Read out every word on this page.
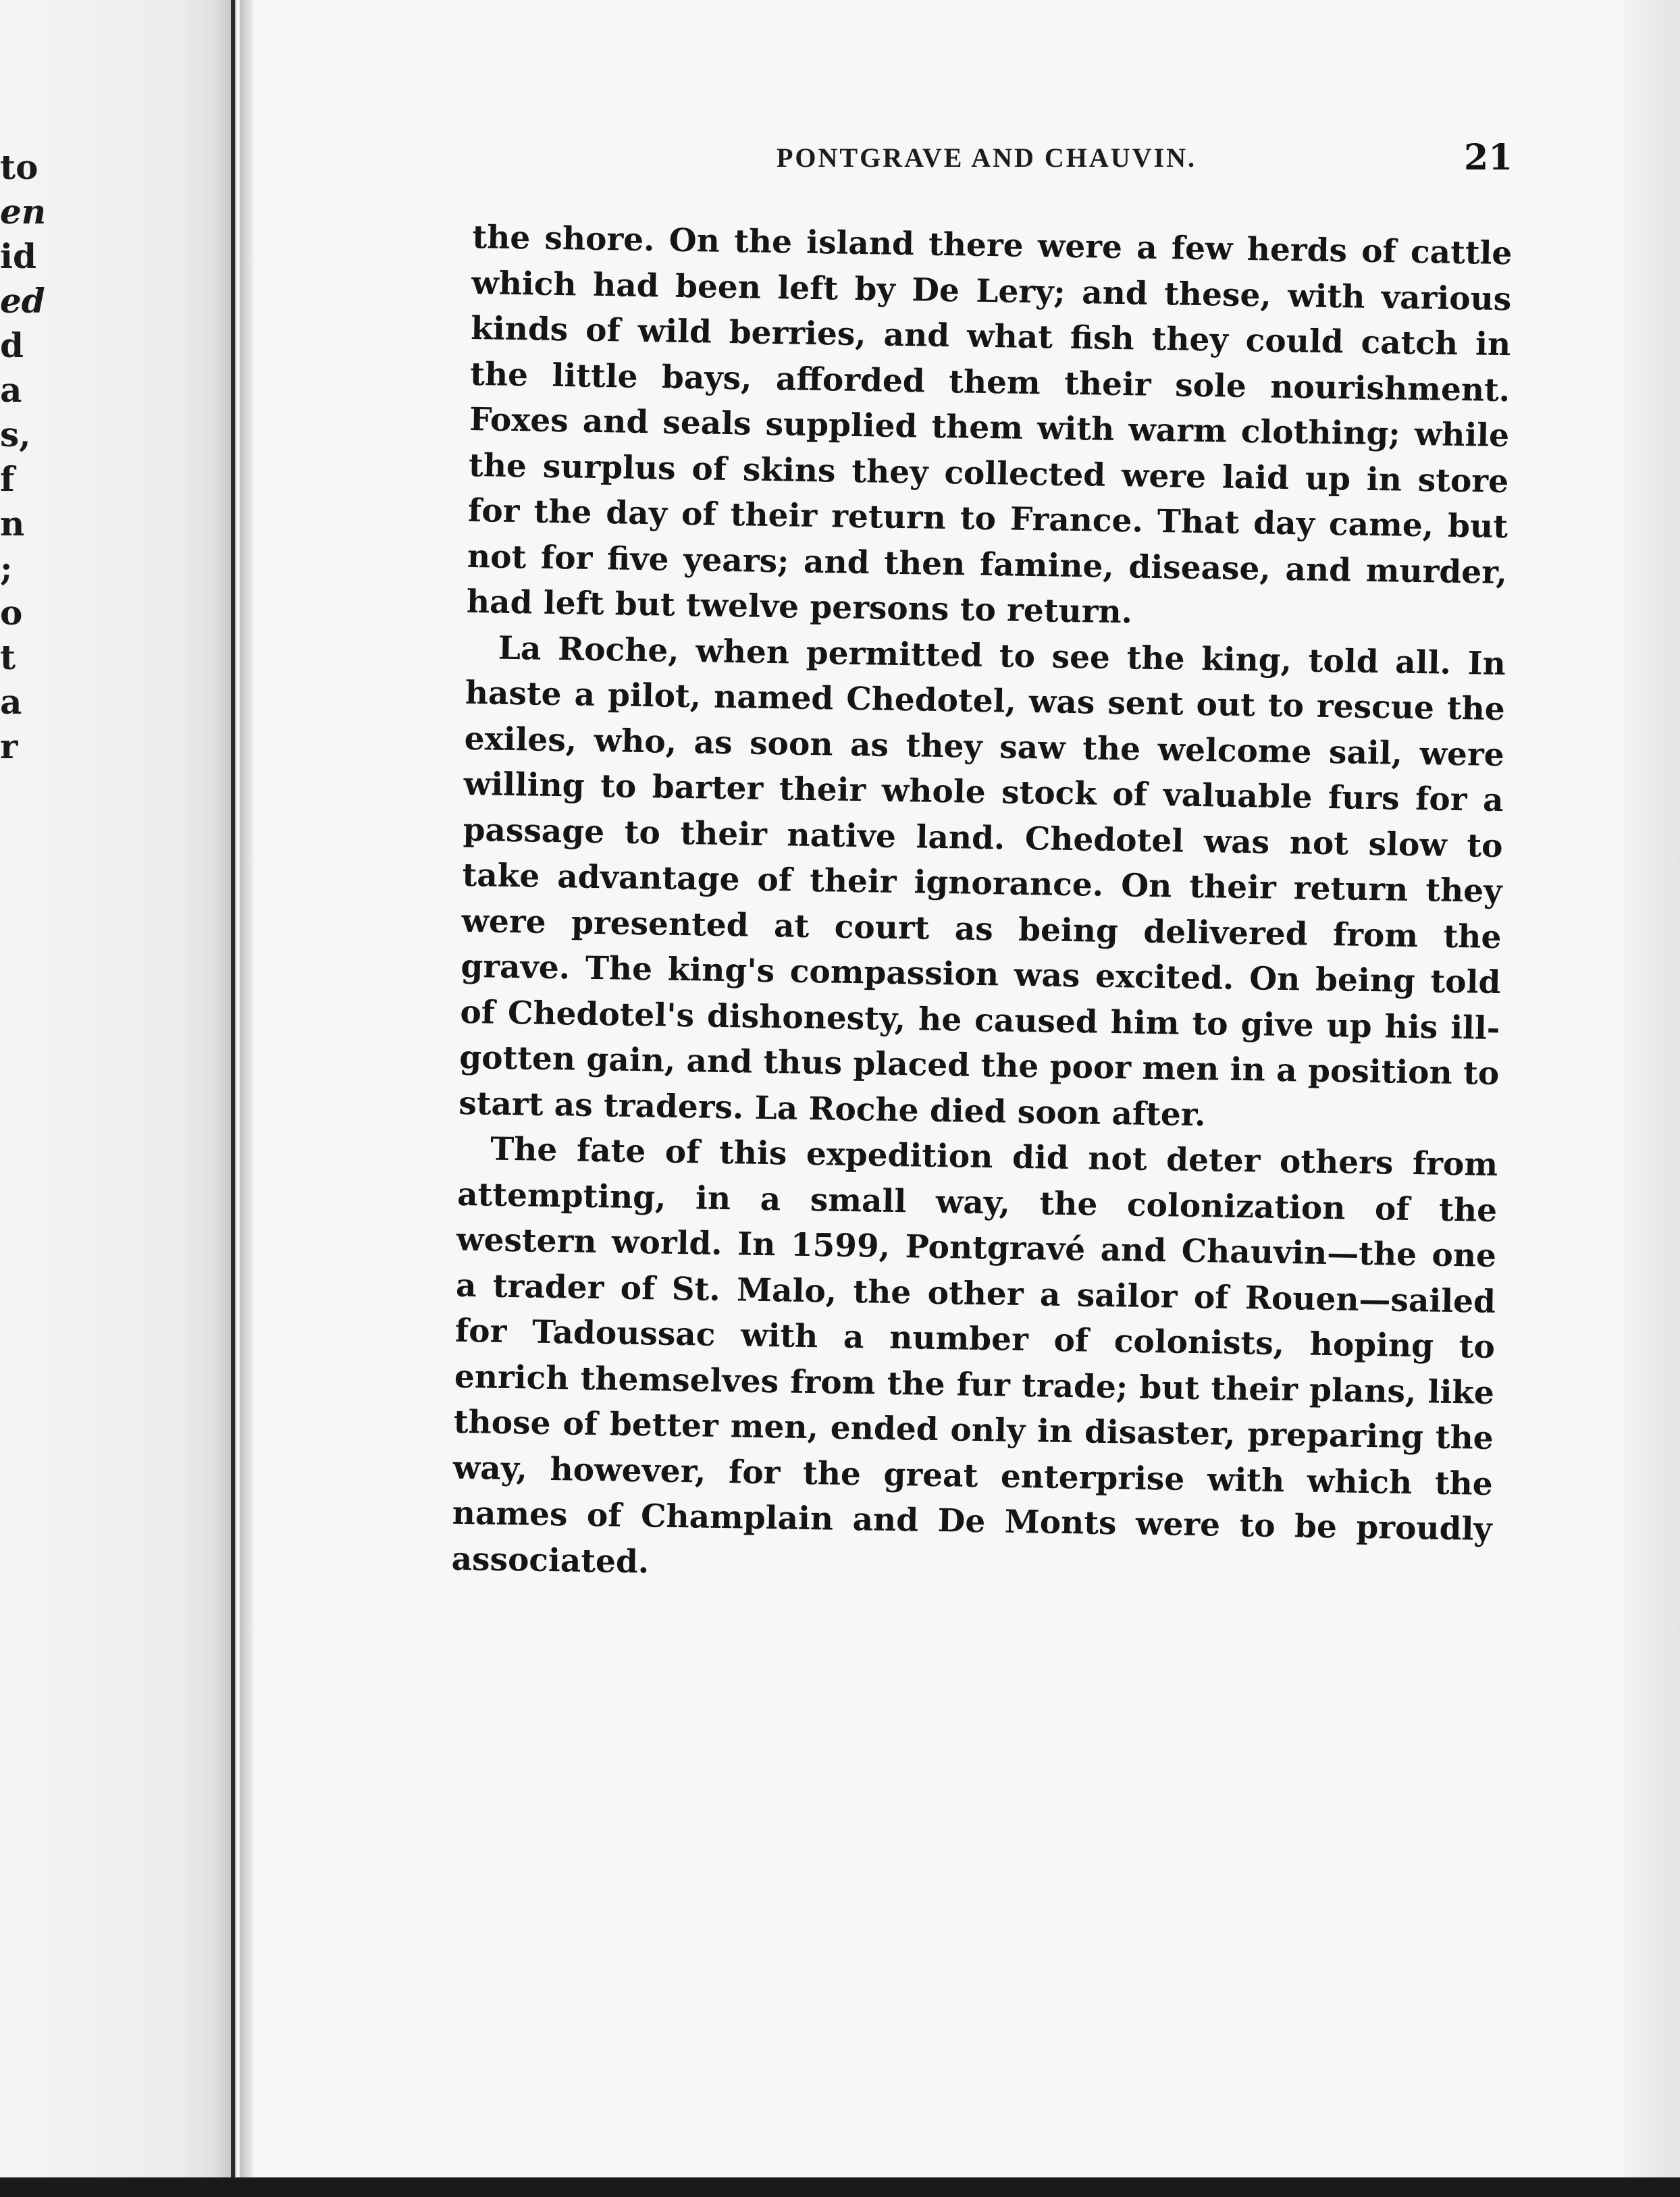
to
en
id
ed
d
a
s,
f
n
;
o
t
a
r
PONTGRAVE AND CHAUVIN.	21

the shore. On the island there were a few herds of cattle which had been left by De Lery; and these, with various kinds of wild berries, and what fish they could catch in the little bays, afforded them their sole nourishment. Foxes and seals supplied them with warm clothing; while the surplus of skins they collected were laid up in store for the day of their return to France. That day came, but not for five years; and then famine, disease, and murder, had left but twelve persons to return.

La Roche, when permitted to see the king, told all. In haste a pilot, named Chedotel, was sent out to rescue the exiles, who, as soon as they saw the welcome sail, were willing to barter their whole stock of valuable furs for a passage to their native land. Chedotel was not slow to take advantage of their ignorance. On their return they were presented at court as being delivered from the grave. The king's compassion was excited. On being told of Chedotel's dishonesty, he caused him to give up his ill-gotten gain, and thus placed the poor men in a position to start as traders. La Roche died soon after.

The fate of this expedition did not deter others from attempting, in a small way, the colonization of the western world. In 1599, Pontgravé and Chauvin—the one a trader of St. Malo, the other a sailor of Rouen—sailed for Tadoussac with a number of colonists, hoping to enrich themselves from the fur trade; but their plans, like those of better men, ended only in disaster, preparing the way, however, for the great enterprise with which the names of Champlain and De Monts were to be proudly associated.
